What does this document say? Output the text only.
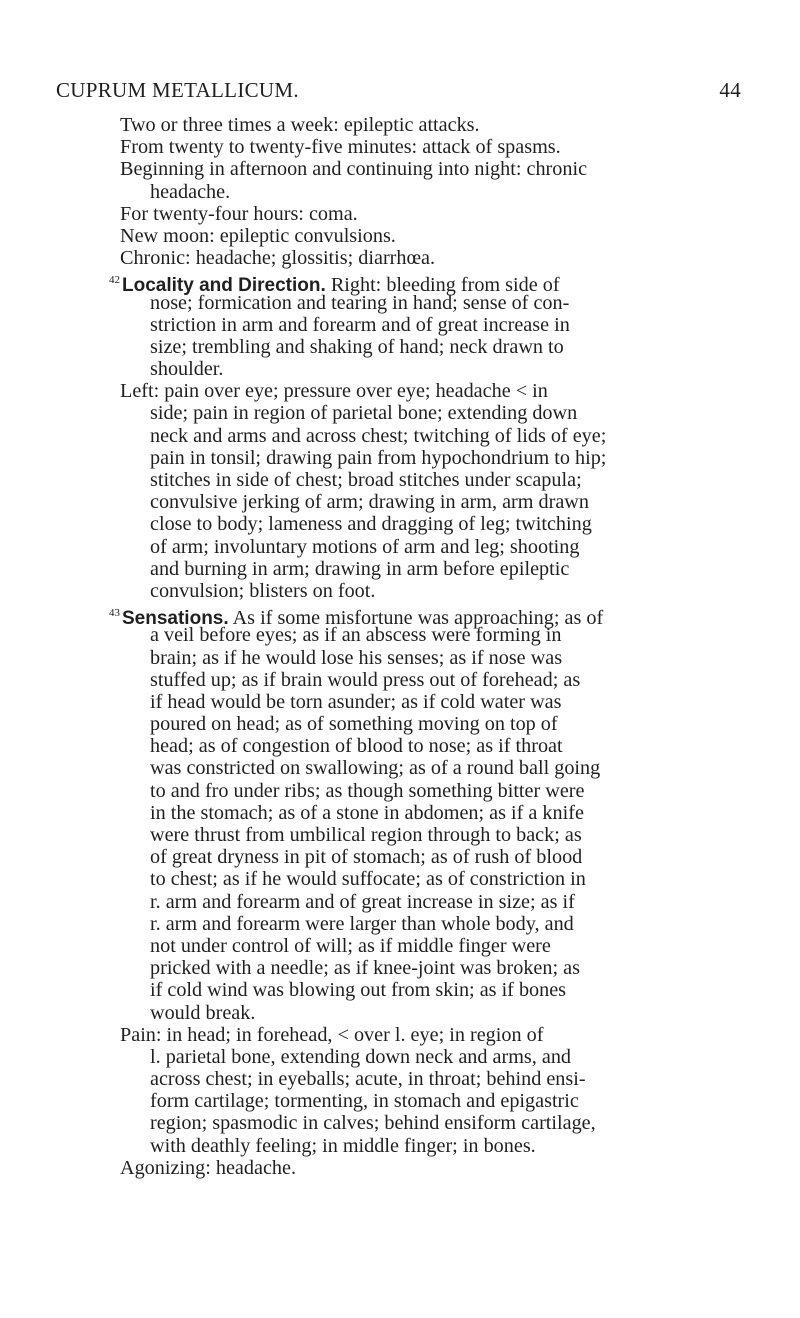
CUPRUM METALLICUM.	44
Two or three times a week: epileptic attacks.
From twenty to twenty-five minutes: attack of spasms.
Beginning in afternoon and continuing into night: chronic
headache.
For twenty-four hours: coma.
New moon: epileptic convulsions.
Chronic: headache; glossitis; diarrhœa.
42 Locality and Direction. Right: bleeding from side of
nose; formication and tearing in hand; sense of con-
striction in arm and forearm and of great increase in
size; trembling and shaking of hand; neck drawn to
shoulder.
Left: pain over eye; pressure over eye; headache < in
side; pain in region of parietal bone; extending down
neck and arms and across chest; twitching of lids of eye;
pain in tonsil; drawing pain from hypochondrium to hip;
stitches in side of chest; broad stitches under scapula;
convulsive jerking of arm; drawing in arm, arm drawn
close to body; lameness and dragging of leg; twitching
of arm; involuntary motions of arm and leg; shooting
and burning in arm; drawing in arm before epileptic
convulsion; blisters on foot.
43 Sensations. As if some misfortune was approaching; as of
a veil before eyes; as if an abscess were forming in
brain; as if he would lose his senses; as if nose was
stuffed up; as if brain would press out of forehead; as
if head would be torn asunder; as if cold water was
poured on head; as of something moving on top of
head; as of congestion of blood to nose; as if throat
was constricted on swallowing; as of a round ball going
to and fro under ribs; as though something bitter were
in the stomach; as of a stone in abdomen; as if a knife
were thrust from umbilical region through to back; as
of great dryness in pit of stomach; as of rush of blood
to chest; as if he would suffocate; as of constriction in
r. arm and forearm and of great increase in size; as if
r. arm and forearm were larger than whole body, and
not under control of will; as if middle finger were
pricked with a needle; as if knee-joint was broken; as
if cold wind was blowing out from skin; as if bones
would break.
Pain: in head; in forehead, < over l. eye; in region of
l. parietal bone, extending down neck and arms, and
across chest; in eyeballs; acute, in throat; behind ensi-
form cartilage; tormenting, in stomach and epigastric
region; spasmodic in calves; behind ensiform cartilage,
with deathly feeling; in middle finger; in bones.
Agonizing: headache.
